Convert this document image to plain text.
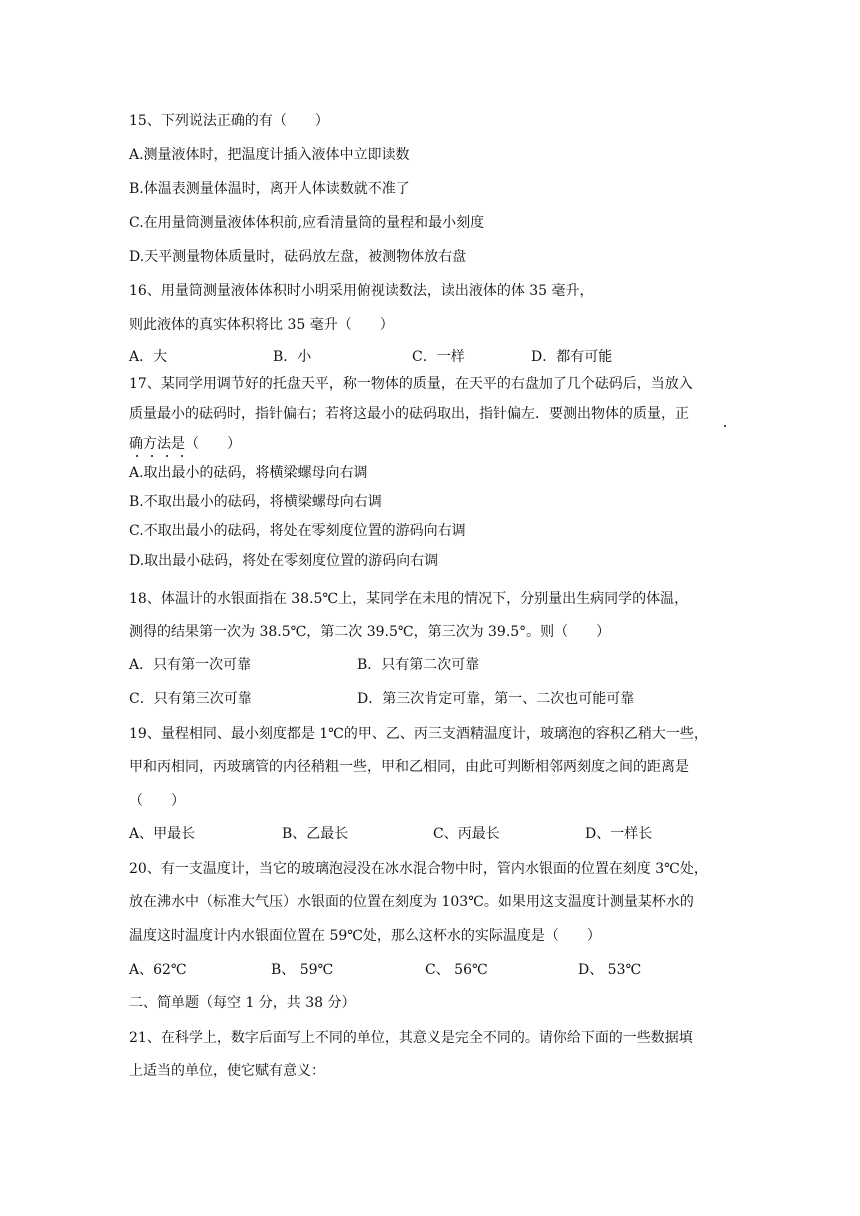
15、下列说法正确的有（　　）
A.测量液体时，把温度计插入液体中立即读数
B.体温表测量体温时，离开人体读数就不准了
C.在用量筒测量液体体积前,应看清量筒的量程和最小刻度
D.天平测量物体质量时，砝码放左盘，被测物体放右盘
16、用量筒测量液体体积时小明采用俯视读数法，读出液体的体 35 毫升，
则此液体的真实体积将比 35 毫升（　　）
A．大	B．小	C．一样	D．都有可能
17、某同学用调节好的托盘天平，称一物体的质量，在天平的右盘加了几个砝码后，当放入
质量最小的砝码时，指针偏右；若将这最小的砝码取出，指针偏左．要测出物体的质量，正
确方法是（　　）
A.取出最小的砝码，将横梁螺母向右调
B.不取出最小的砝码，将横梁螺母向右调
C.不取出最小的砝码，将处在零刻度位置的游码向右调
D.取出最小砝码，将处在零刻度位置的游码向右调
18、体温计的水银面指在 38.5℃上，某同学在未甩的情况下，分别量出生病同学的体温，
测得的结果第一次为 38.5℃，第二次 39.5℃，第三次为 39.5°。则（　　）
A．只有第一次可靠	B．只有第二次可靠
C．只有第三次可靠	D．第三次肯定可靠，第一、二次也可能可靠
19、量程相同、最小刻度都是 1℃的甲、乙、丙三支酒精温度计，玻璃泡的容积乙稍大一些，
甲和丙相同，丙玻璃管的内径稍粗一些，甲和乙相同，由此可判断相邻两刻度之间的距离是
（　　）
A、甲最长	B、乙最长	C、丙最长	D、一样长
20、有一支温度计，当它的玻璃泡浸没在冰水混合物中时，管内水银面的位置在刻度 3℃处，
放在沸水中（标准大气压）水银面的位置在刻度为 103℃。如果用这支温度计测量某杯水的
温度这时温度计内水银面位置在 59℃处，那么这杯水的实际温度是（　　）
A、62℃	B、 59℃	C、 56℃	D、 53℃
二、简单题（每空 1 分，共 38 分）
21、在科学上，数字后面写上不同的单位，其意义是完全不同的。请你给下面的一些数据填
上适当的单位，使它赋有意义：
